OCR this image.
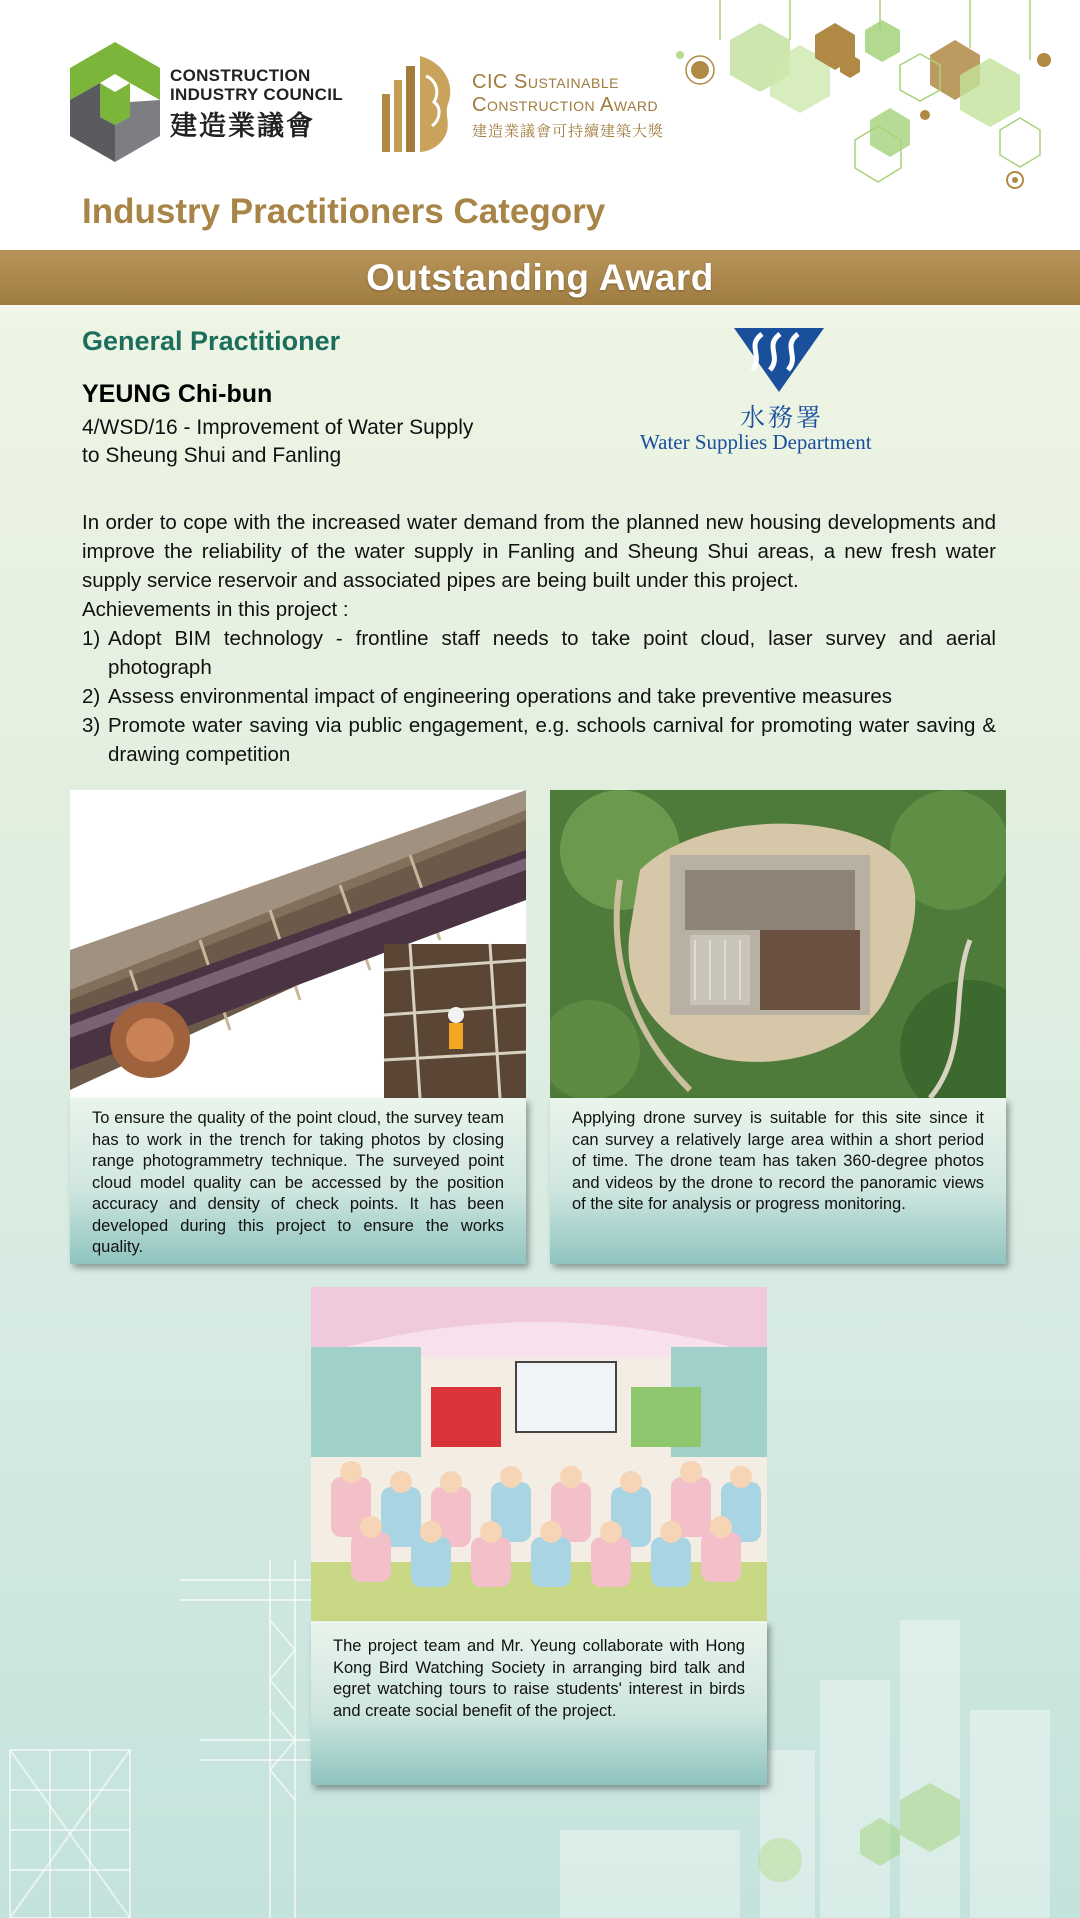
CONSTRUCTION
INDUSTRY COUNCIL
建造業議會
CIC Sustainable
Construction Award
建造業議會可持續建築大獎
Industry Practitioners Category
Outstanding Award
General Practitioner
YEUNG Chi-bun
4/WSD/16 - Improvement of Water Supply
to Sheung Shui and Fanling
水務署
Water Supplies Department

In order to cope with the increased water demand from the planned new housing developments and improve the reliability of the water supply in Fanling and Sheung Shui areas, a new fresh water supply service reservoir and associated pipes are being built under this project.

Achievements in this project :

1) Adopt BIM technology - frontline staff needs to take point cloud, laser survey and aerial photograph
2) Assess environmental impact of engineering operations and take preventive measures
3) Promote water saving via public engagement, e.g. schools carnival for promoting water saving & drawing competition
To ensure the quality of the point cloud, the survey team has to work in the trench for taking photos by closing range photogrammetry technique. The surveyed point cloud model quality can be accessed by the position accuracy and density of check points. It has been developed during this project to ensure the works quality.
Applying drone survey is suitable for this site since it can survey a relatively large area within a short period of time. The drone team has taken 360-degree photos and videos by the drone to record the panoramic views of the site for analysis or progress monitoring.
The project team and Mr. Yeung collaborate with Hong Kong Bird Watching Society in arranging bird talk and egret watching tours to raise students' interest in birds and create social benefit of the project.
